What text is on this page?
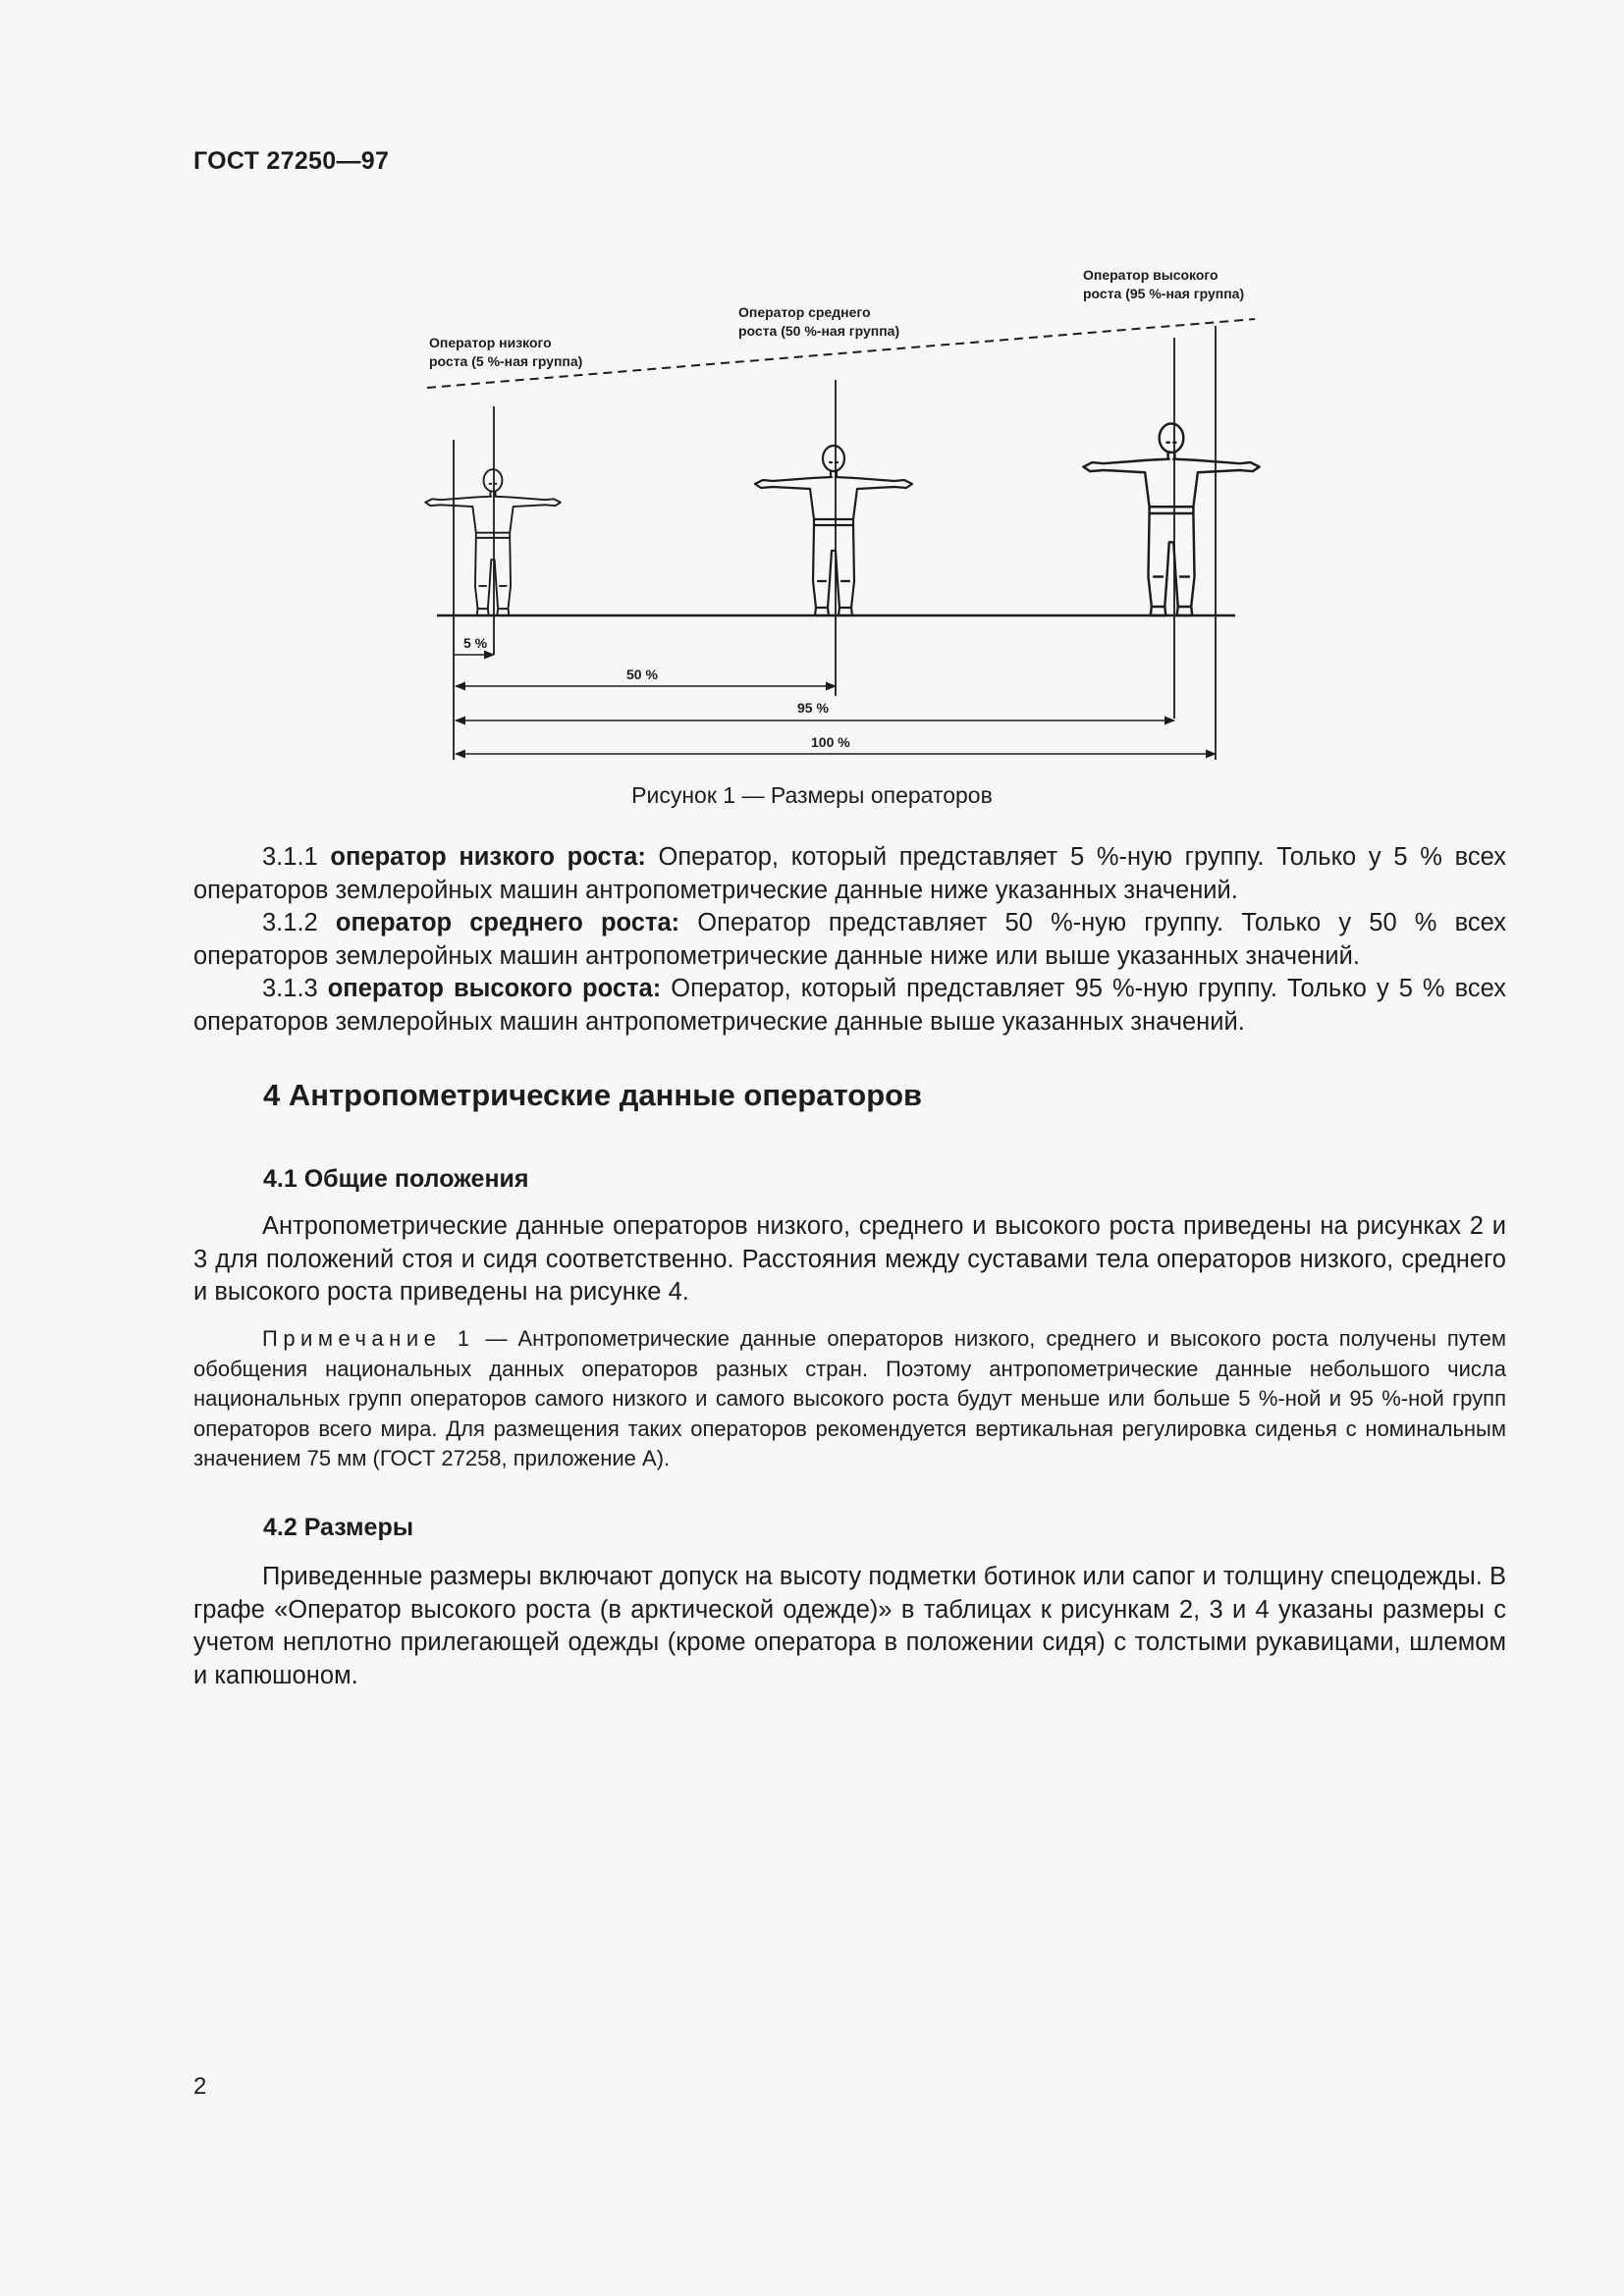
ГОСТ 27250—97
Оператор низкого
роста (5 %-ная группа)
Оператор среднего
роста (50 %-ная группа)
Оператор высокого
роста (95 %-ная группа)
5 %
50 %
95 %
100 %
Рисунок 1 — Размеры операторов

3.1.1 оператор низкого роста: Оператор, который представляет 5 %-ную группу. Только у 5 % всех операторов землеройных машин антропометрические данные ниже указанных значений.

3.1.2 оператор среднего роста: Оператор представляет 50 %-ную группу. Только у 50 % всех операторов землеройных машин антропометрические данные ниже или выше указанных значений.

3.1.3 оператор высокого роста: Оператор, который представляет 95 %-ную группу. Только у 5 % всех операторов землеройных машин антропометрические данные выше указанных значений.

4 Антропометрические данные операторов
4.1 Общие положения

Антропометрические данные операторов низкого, среднего и высокого роста приведены на рисунках 2 и 3 для положений стоя и сидя соответственно. Расстояния между суставами тела операторов низкого, среднего и высокого роста приведены на рисунке 4.

Примечание 1 — Антропометрические данные операторов низкого, среднего и высокого роста получены путем обобщения национальных данных операторов разных стран. Поэтому антропометрические данные небольшого числа национальных групп операторов самого низкого и самого высокого роста будут меньше или больше 5 %-ной и 95 %-ной групп операторов всего мира. Для размещения таких операторов рекомендуется вертикальная регулировка сиденья с номинальным значением 75 мм (ГОСТ 27258, приложение А).
4.2 Размеры

Приведенные размеры включают допуск на высоту подметки ботинок или сапог и толщину спецодежды. В графе «Оператор высокого роста (в арктической одежде)» в таблицах к рисункам 2, 3 и 4 указаны размеры с учетом неплотно прилегающей одежды (кроме оператора в положении сидя) с толстыми рукавицами, шлемом и капюшоном.

2
